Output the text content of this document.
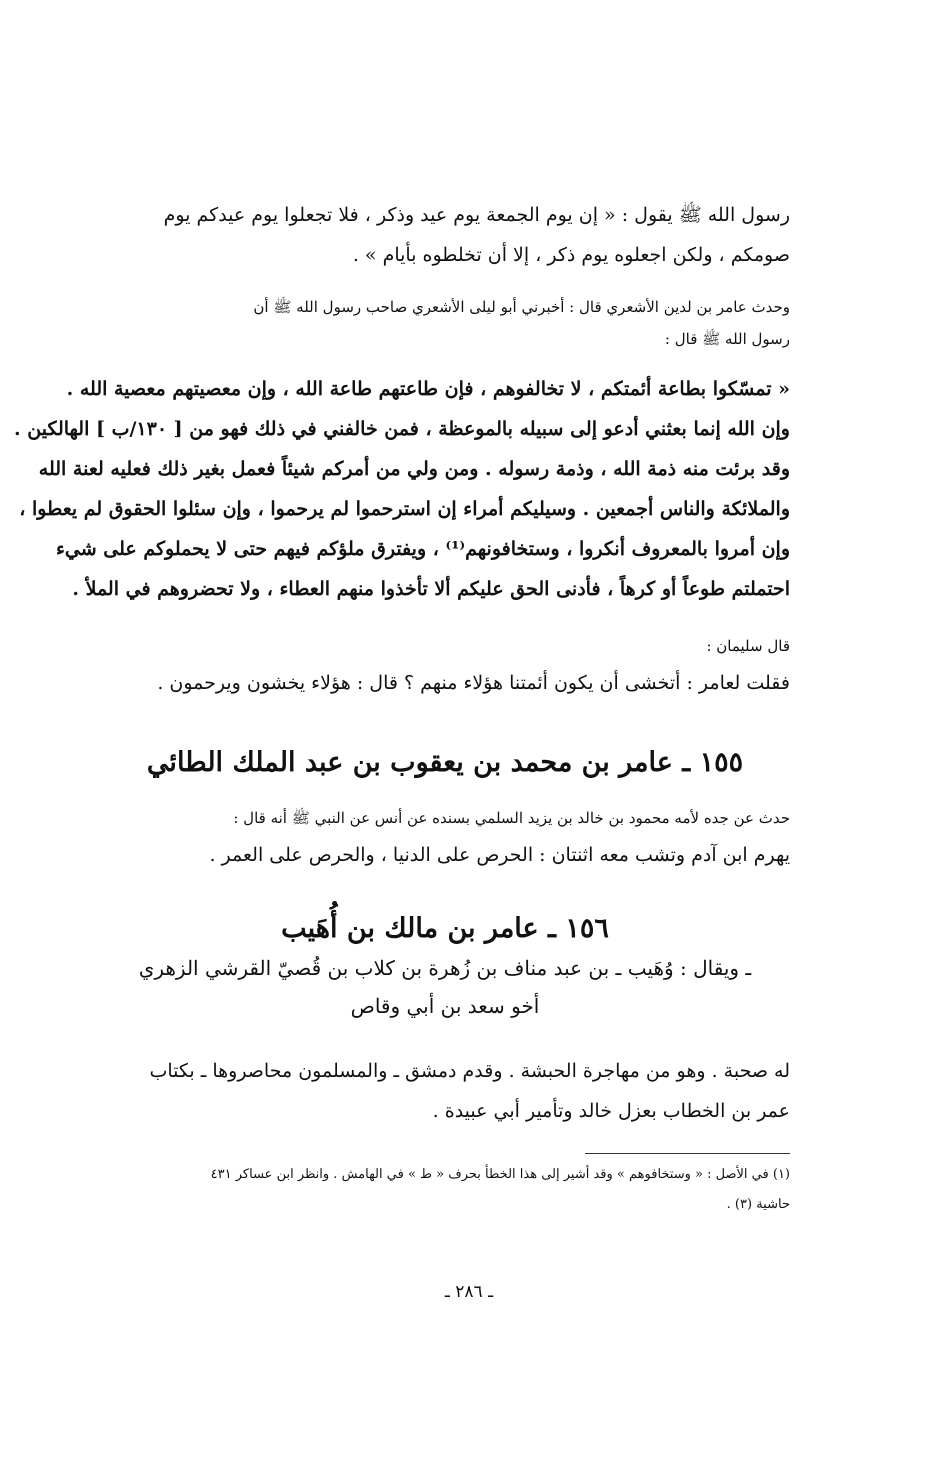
رسول الله ﷺ يقول : « إن يوم الجمعة يوم عيد وذكر ، فلا تجعلوا يوم عيدكم يوم
صومكم ، ولكن اجعلوه يوم ذكر ، إلا أن تخلطوه بأيام » .
وحدث عامر بن لدين الأشعري قال : أخبرني أبو ليلى الأشعري صاحب رسول الله ﷺ أن
رسول الله ﷺ قال :
« تمسّكوا بطاعة أئمتكم ، لا تخالفوهم ، فإن طاعتهم طاعة الله ، وإن معصيتهم معصية الله .
وإن الله إنما بعثني أدعو إلى سبيله بالموعظة ، فمن خالفني في ذلك فهو من [ ١٣٠/ب ] الهالكين .
وقد برئت منه ذمة الله ، وذمة رسوله . ومن ولي من أمركم شيئاً فعمل بغير ذلك فعليه لعنة الله
والملائكة والناس أجمعين . وسيليكم أمراء إن استرحموا لم يرحموا ، وإن سئلوا الحقوق لم يعطوا ،
وإن أمروا بالمعروف أنكروا ، وستخافونهم⁽¹⁾ ، ويفترق ملؤكم فيهم حتى لا يحملوكم على شيء
احتملتم طوعاً أو كرهاً ، فأدنى الحق عليكم ألا تأخذوا منهم العطاء ، ولا تحضروهم في الملأ .
قال سليمان :
فقلت لعامر : أتخشى أن يكون أئمتنا هؤلاء منهم ؟ قال : هؤلاء يخشون ويرحمون .
١٥٥ ـ عامر بن محمد بن يعقوب بن عبد الملك الطائي
حدث عن جده لأمه محمود بن خالد بن يزيد السلمي بسنده عن أنس عن النبي ﷺ أنه قال :
يهرم ابن آدم وتشب معه اثنتان : الحرص على الدنيا ، والحرص على العمر .
١٥٦ ـ عامر بن مالك بن أُهَيب
ـ ويقال : وُهَيب ـ بن عبد مناف بن زُهرة بن كلاب بن قُصيّ القرشي الزهري
أخو سعد بن أبي وقاص
له صحبة . وهو من مهاجرة الحبشة . وقدم دمشق ـ والمسلمون محاصروها ـ بكتاب
عمر بن الخطاب بعزل خالد وتأمير أبي عبيدة .
(١) في الأصل : « وستخافوهم » وقد أشير إلى هذا الخطأ بحرف « ط » في الهامش . وانظر ابن عساكر ٤٣١
حاشية (٣) .
ـ ٢٨٦ ـ
